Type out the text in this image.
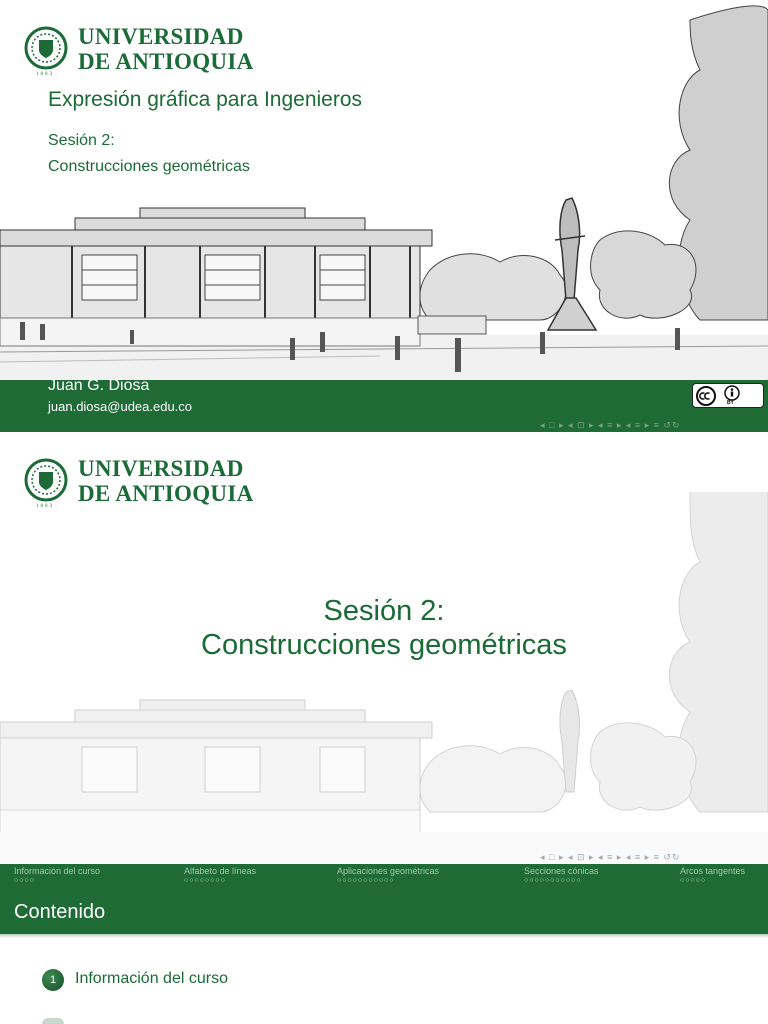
1803
UNIVERSIDAD
DE ANTIOQUIA
Expresión gráfica para Ingenieros
Sesión 2:
Construcciones geométricas
Juan G. Diosa
juan.diosa@udea.edu.co	BY
◂ □ ▸ ◂ ⊡ ▸ ◂ ≡ ▸ ◂ ≡ ▸ ≡ ↺↻
1803
UNIVERSIDAD
DE ANTIOQUIA
Sesión 2:
Construcciones geométricas
◂ □ ▸ ◂ ⊡ ▸ ◂ ≡ ▸ ◂ ≡ ▸ ≡ ↺↻
Información del curso
○○○○
Alfabeto de líneas
○○○○○○○○
Aplicaciones geométricas
○○○○○○○○○○○
Secciones cónicas
○○○○○○○○○○○
Arcos tangentes
○○○○○
Contenido
1	Información del curso
